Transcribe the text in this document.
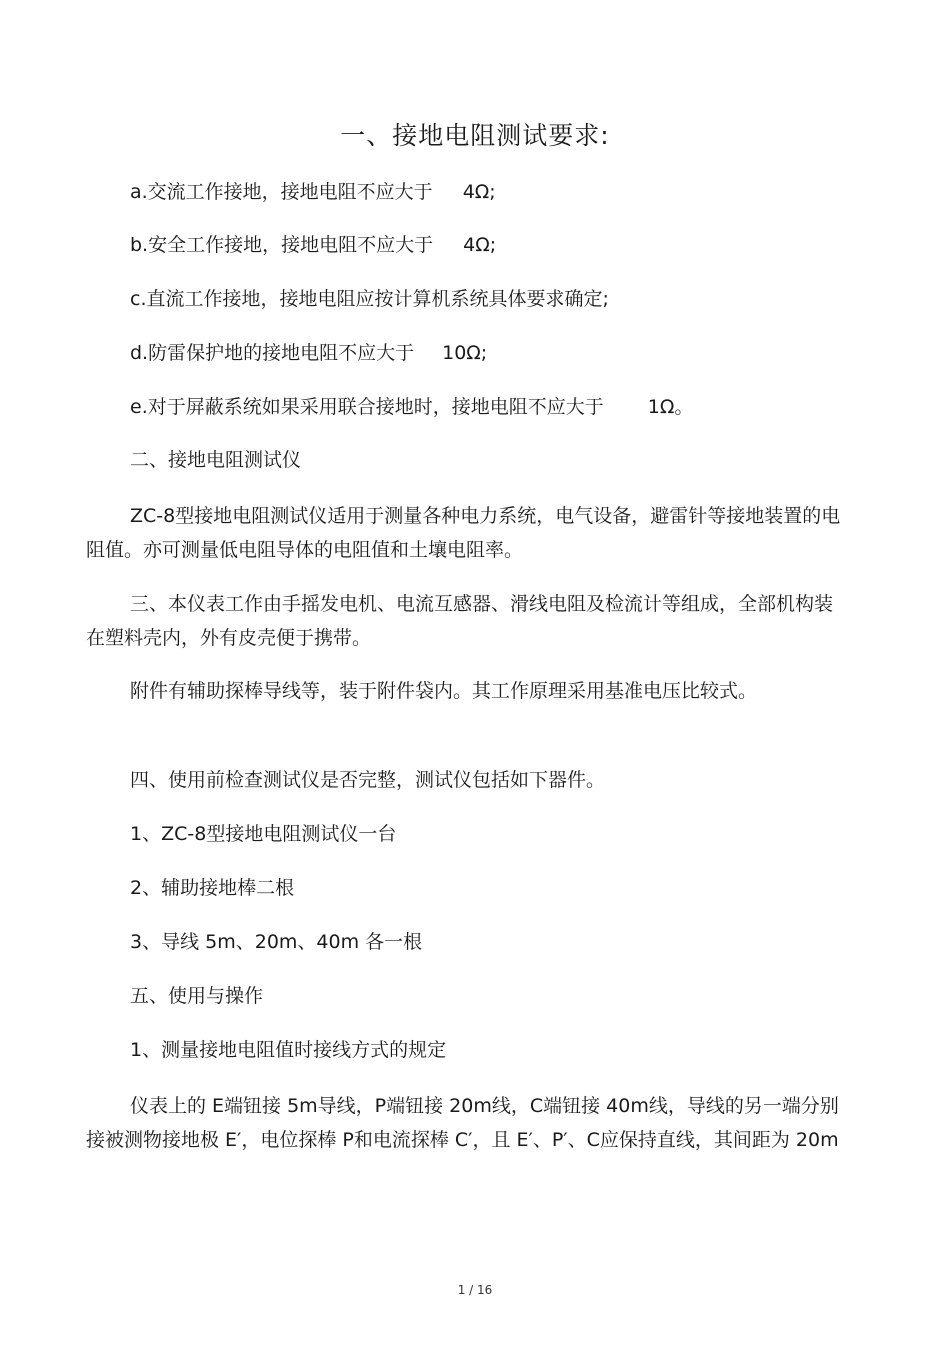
一、接地电阻测试要求:
a.交流工作接地，接地电阻不应大于 4Ω;
b.安全工作接地，接地电阻不应大于 4Ω;
c.直流工作接地，接地电阻应按计算机系统具体要求确定;
d.防雷保护地的接地电阻不应大于 10Ω;
e.对于屏蔽系统如果采用联合接地时，接地电阻不应大于 1Ω。
二、接地电阻测试仪
ZC-8型接地电阻测试仪适用于测量各种电力系统，电气设备，避雷针等接地装置的电阻值。亦可测量低电阻导体的电阻值和土壤电阻率。
三、本仪表工作由手摇发电机、电流互感器、滑线电阻及检流计等组成，全部机构装在塑料壳内，外有皮壳便于携带。
附件有辅助探棒导线等，装于附件袋内。其工作原理采用基准电压比较式。
四、使用前检查测试仪是否完整，测试仪包括如下器件。
1、ZC-8型接地电阻测试仪一台
2、辅助接地棒二根
3、导线 5m、20m、40m 各一根
五、使用与操作
1、测量接地电阻值时接线方式的规定
仪表上的 E端钮接 5m导线，P端钮接 20m线，C端钮接 40m线，导线的另一端分别接被测物接地极 E′，电位探棒 P和电流探棒 C′，且 E′、P′、C应保持直线，其间距为 20m
1 / 16
